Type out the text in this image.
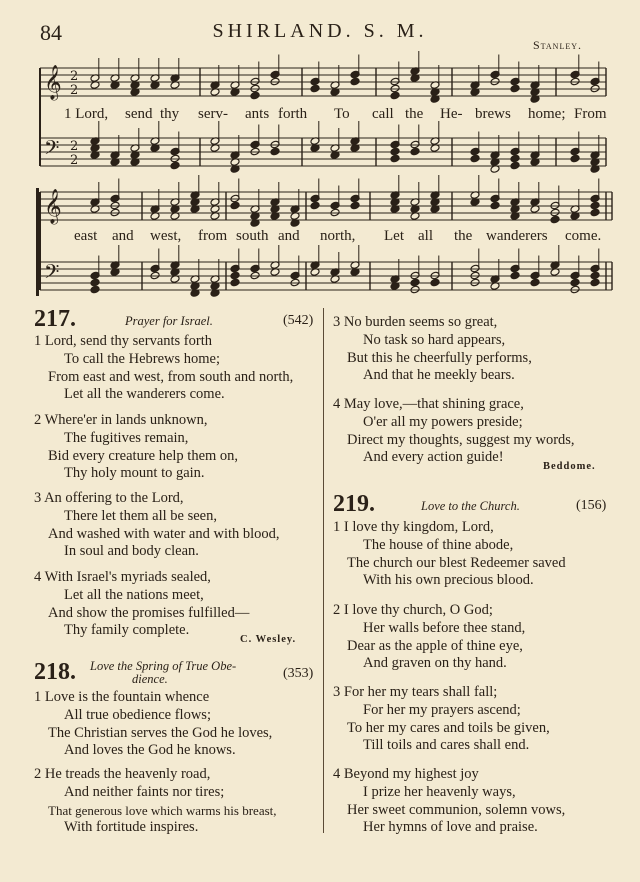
84	SHIRLAND. S. M.
Stanley.
𝄞
𝄢
𝄞
𝄢
2
2
2
2
1 Lord, send thy serv- ants forth To call the He- brews home; From
east and west, from south and north, Let all the wanderers come.
217.	Prayer for Israel.	(542)
1 Lord, send thy servants forth
To call the Hebrews home;
From east and west, from south and north,
Let all the wanderers come.
2 Where'er in lands unknown,
The fugitives remain,
Bid every creature help them on,
Thy holy mount to gain.
3 An offering to the Lord,
There let them all be seen,
And washed with water and with blood,
In soul and body clean.
4 With Israel's myriads sealed,
Let all the nations meet,
And show the promises fulfilled—
Thy family complete.
C. Wesley.
218. Love the Spring of True Obe-
dience.	(353)
1 Love is the fountain whence
All true obedience flows;
The Christian serves the God he loves,
And loves the God he knows.
2 He treads the heavenly road,
And neither faints nor tires;
That generous love which warms his breast,
With fortitude inspires.
3 No burden seems so great,
No task so hard appears,
But this he cheerfully performs,
And that he meekly bears.
4 May love,—that shining grace,
O'er all my powers preside;
Direct my thoughts, suggest my words,
And every action guide!
Beddome.
219.	Love to the Church.	(156)
1 I love thy kingdom, Lord,
The house of thine abode,
The church our blest Redeemer saved
With his own precious blood.
2 I love thy church, O God;
Her walls before thee stand,
Dear as the apple of thine eye,
And graven on thy hand.
3 For her my tears shall fall;
For her my prayers ascend;
To her my cares and toils be given,
Till toils and cares shall end.
4 Beyond my highest joy
I prize her heavenly ways,
Her sweet communion, solemn vows,
Her hymns of love and praise.
